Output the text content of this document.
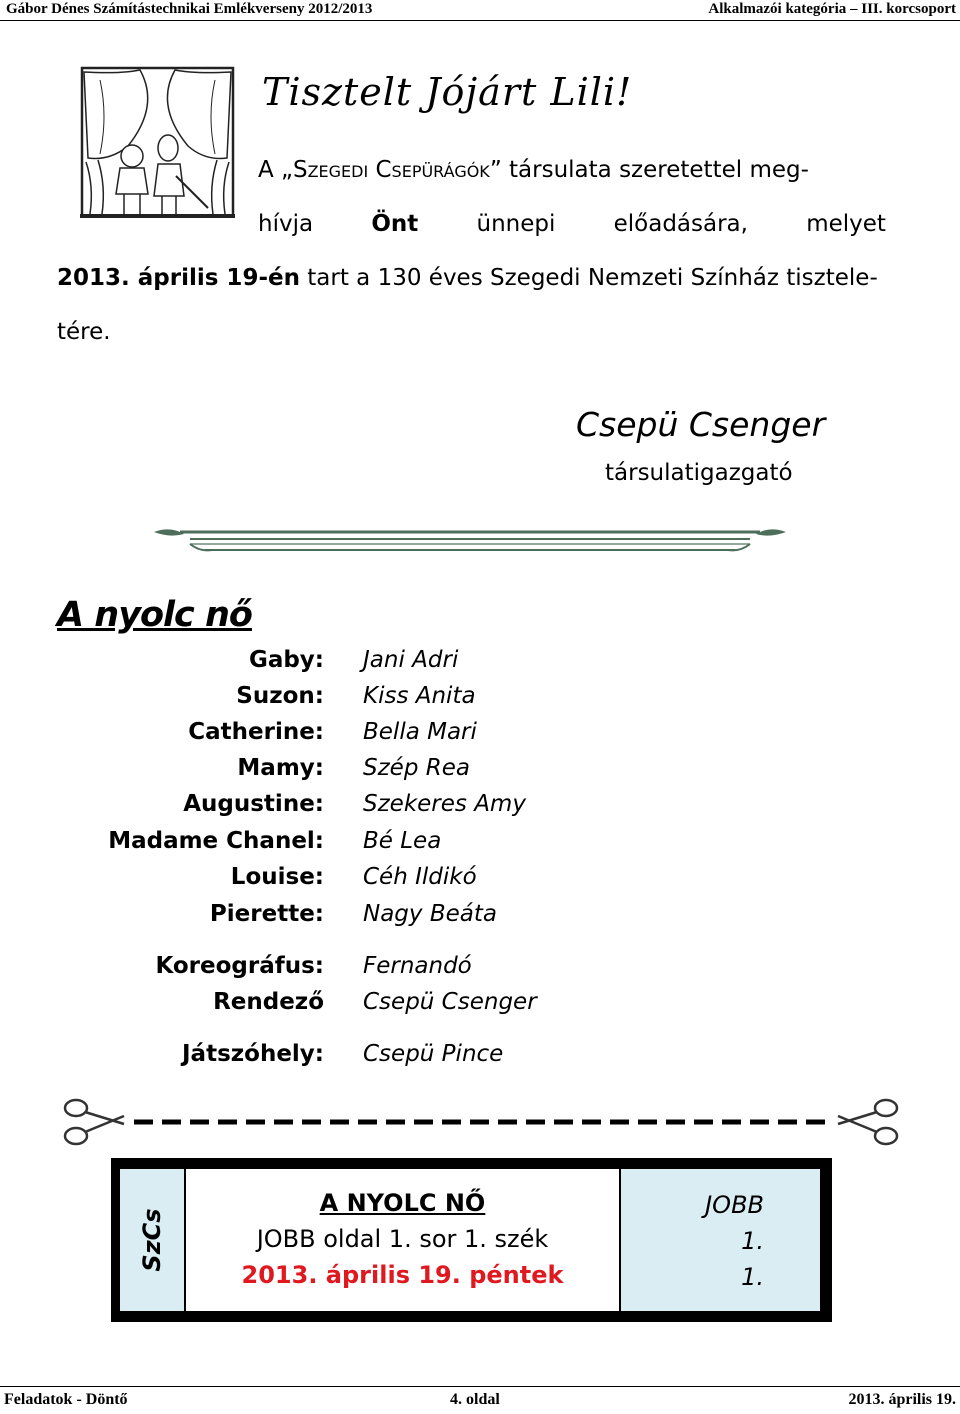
Gábor Dénes Számítástechnikai Emlékverseny 2012/2013	Alkalmazói kategória – III. korcsoport
Tisztelt Jójárt Lili!
A „Szegedi Csepürágók” társulata szeretettel meg-
hívja	Önt	ünnepi	előadására,	melyet
2013. április 19-én tart a 130 éves Szegedi Nemzeti Színház tisztele-
tére.
Csepü Csenger
társulatigazgató
A nyolc nő
Gaby: Jani Adri
Suzon: Kiss Anita
Catherine: Bella Mari
Mamy: Szép Rea
Augustine: Szekeres Amy
Madame Chanel: Bé Lea
Louise: Céh Ildikó
Pierette: Nagy Beáta
Koreográfus: Fernandó
Rendező Csepü Csenger
Játszóhely: Csepü Pince
SzCs
A NYOLC NŐ
JOBB oldal 1. sor 1. szék
2013. április 19. péntek
JOBB
1.
1.
Feladatok - Döntő	4. oldal	2013. április 19.
